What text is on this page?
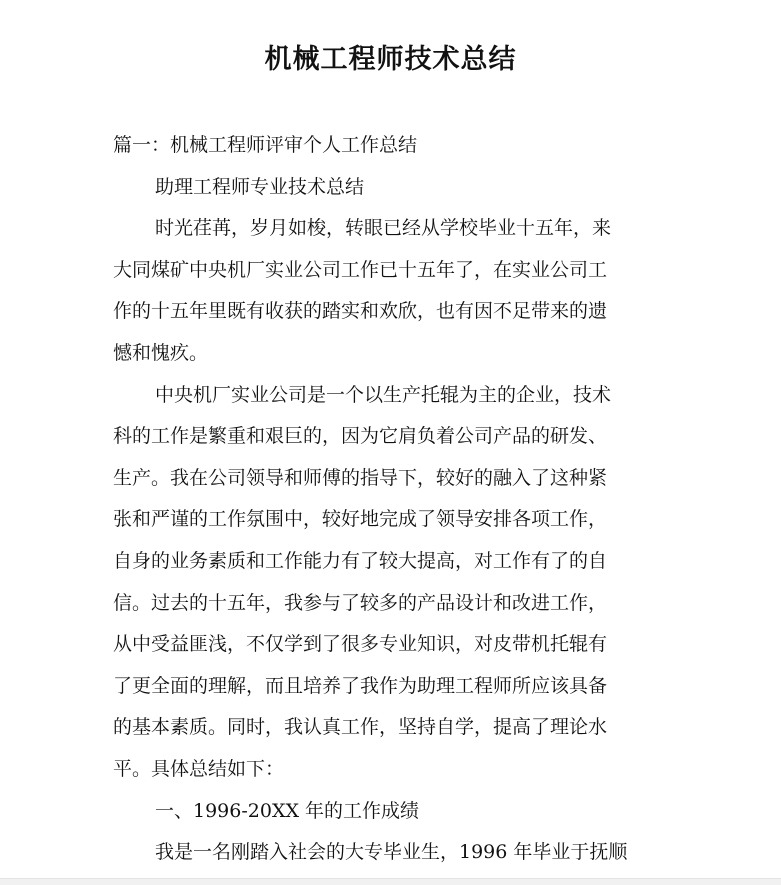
机械工程师技术总结

篇一：机械工程师评审个人工作总结

助理工程师专业技术总结

时光荏苒，岁月如梭，转眼已经从学校毕业十五年，来

大同煤矿中央机厂实业公司工作已十五年了，在实业公司工

作的十五年里既有收获的踏实和欢欣，也有因不足带来的遗

憾和愧疚。

中央机厂实业公司是一个以生产托辊为主的企业，技术

科的工作是繁重和艰巨的，因为它肩负着公司产品的研发、

生产。我在公司领导和师傅的指导下，较好的融入了这种紧

张和严谨的工作氛围中，较好地完成了领导安排各项工作，

自身的业务素质和工作能力有了较大提高，对工作有了的自

信。过去的十五年，我参与了较多的产品设计和改进工作，

从中受益匪浅，不仅学到了很多专业知识，对皮带机托辊有

了更全面的理解，而且培养了我作为助理工程师所应该具备

的基本素质。同时，我认真工作，坚持自学，提高了理论水

平。具体总结如下：

一、1996-20XX 年的工作成绩

我是一名刚踏入社会的大专毕业生，1996 年毕业于抚顺
